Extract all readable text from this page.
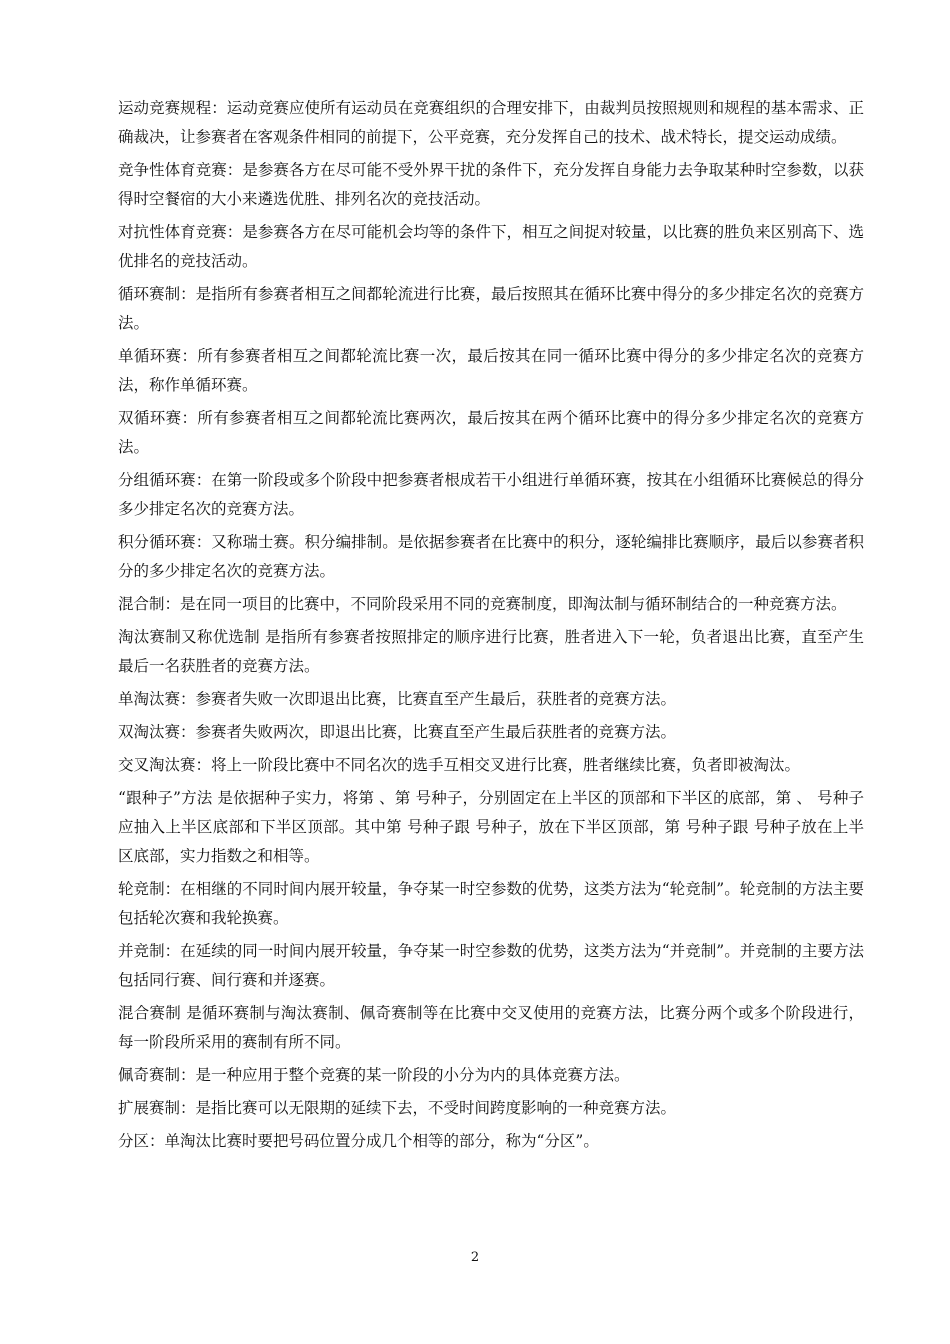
运动竞赛规程：运动竞赛应使所有运动员在竞赛组织的合理安排下，由裁判员按照规则和规程的基本需求、正确裁决，让参赛者在客观条件相同的前提下，公平竞赛，充分发挥自己的技术、战术特长，提交运动成绩。

竞争性体育竞赛：是参赛各方在尽可能不受外界干扰的条件下，充分发挥自身能力去争取某种时空参数，以获得时空餐宿的大小来遴选优胜、排列名次的竞技活动。

对抗性体育竞赛：是参赛各方在尽可能机会均等的条件下，相互之间捉对较量，以比赛的胜负来区别高下、选优排名的竞技活动。

循环赛制：是指所有参赛者相互之间都轮流进行比赛，最后按照其在循环比赛中得分的多少排定名次的竞赛方法。

单循环赛：所有参赛者相互之间都轮流比赛一次，最后按其在同一循环比赛中得分的多少排定名次的竞赛方法，称作单循环赛。

双循环赛：所有参赛者相互之间都轮流比赛两次，最后按其在两个循环比赛中的得分多少排定名次的竞赛方法。

分组循环赛：在第一阶段或多个阶段中把参赛者根成若干小组进行单循环赛，按其在小组循环比赛候总的得分多少排定名次的竞赛方法。

积分循环赛：又称瑞士赛。积分编排制。是依据参赛者在比赛中的积分，逐轮编排比赛顺序，最后以参赛者积分的多少排定名次的竞赛方法。

混合制：是在同一项目的比赛中，不同阶段采用不同的竞赛制度，即淘汰制与循环制结合的一种竞赛方法。

淘汰赛制又称优选制 是指所有参赛者按照排定的顺序进行比赛，胜者进入下一轮，负者退出比赛，直至产生最后一名获胜者的竞赛方法。

单淘汰赛：参赛者失败一次即退出比赛，比赛直至产生最后，获胜者的竞赛方法。

双淘汰赛：参赛者失败两次，即退出比赛，比赛直至产生最后获胜者的竞赛方法。

交叉淘汰赛：将上一阶段比赛中不同名次的选手互相交叉进行比赛，胜者继续比赛，负者即被淘汰。

“跟种子”方法 是依据种子实力，将第 、第 号种子，分别固定在上半区的顶部和下半区的底部，第 、 号种子应抽入上半区底部和下半区顶部。其中第 号种子跟 号种子，放在下半区顶部，第 号种子跟 号种子放在上半区底部，实力指数之和相等。

轮竞制：在相继的不同时间内展开较量，争夺某一时空参数的优势，这类方法为“轮竞制”。轮竞制的方法主要包括轮次赛和我轮换赛。

并竞制：在延续的同一时间内展开较量，争夺某一时空参数的优势，这类方法为“并竞制”。并竞制的主要方法包括同行赛、间行赛和并逐赛。

混合赛制 是循环赛制与淘汰赛制、佩奇赛制等在比赛中交叉使用的竞赛方法，比赛分两个或多个阶段进行，每一阶段所采用的赛制有所不同。

佩奇赛制：是一种应用于整个竞赛的某一阶段的小分为内的具体竞赛方法。

扩展赛制：是指比赛可以无限期的延续下去，不受时间跨度影响的一种竞赛方法。

分区：单淘汰比赛时要把号码位置分成几个相等的部分，称为“分区”。

2
